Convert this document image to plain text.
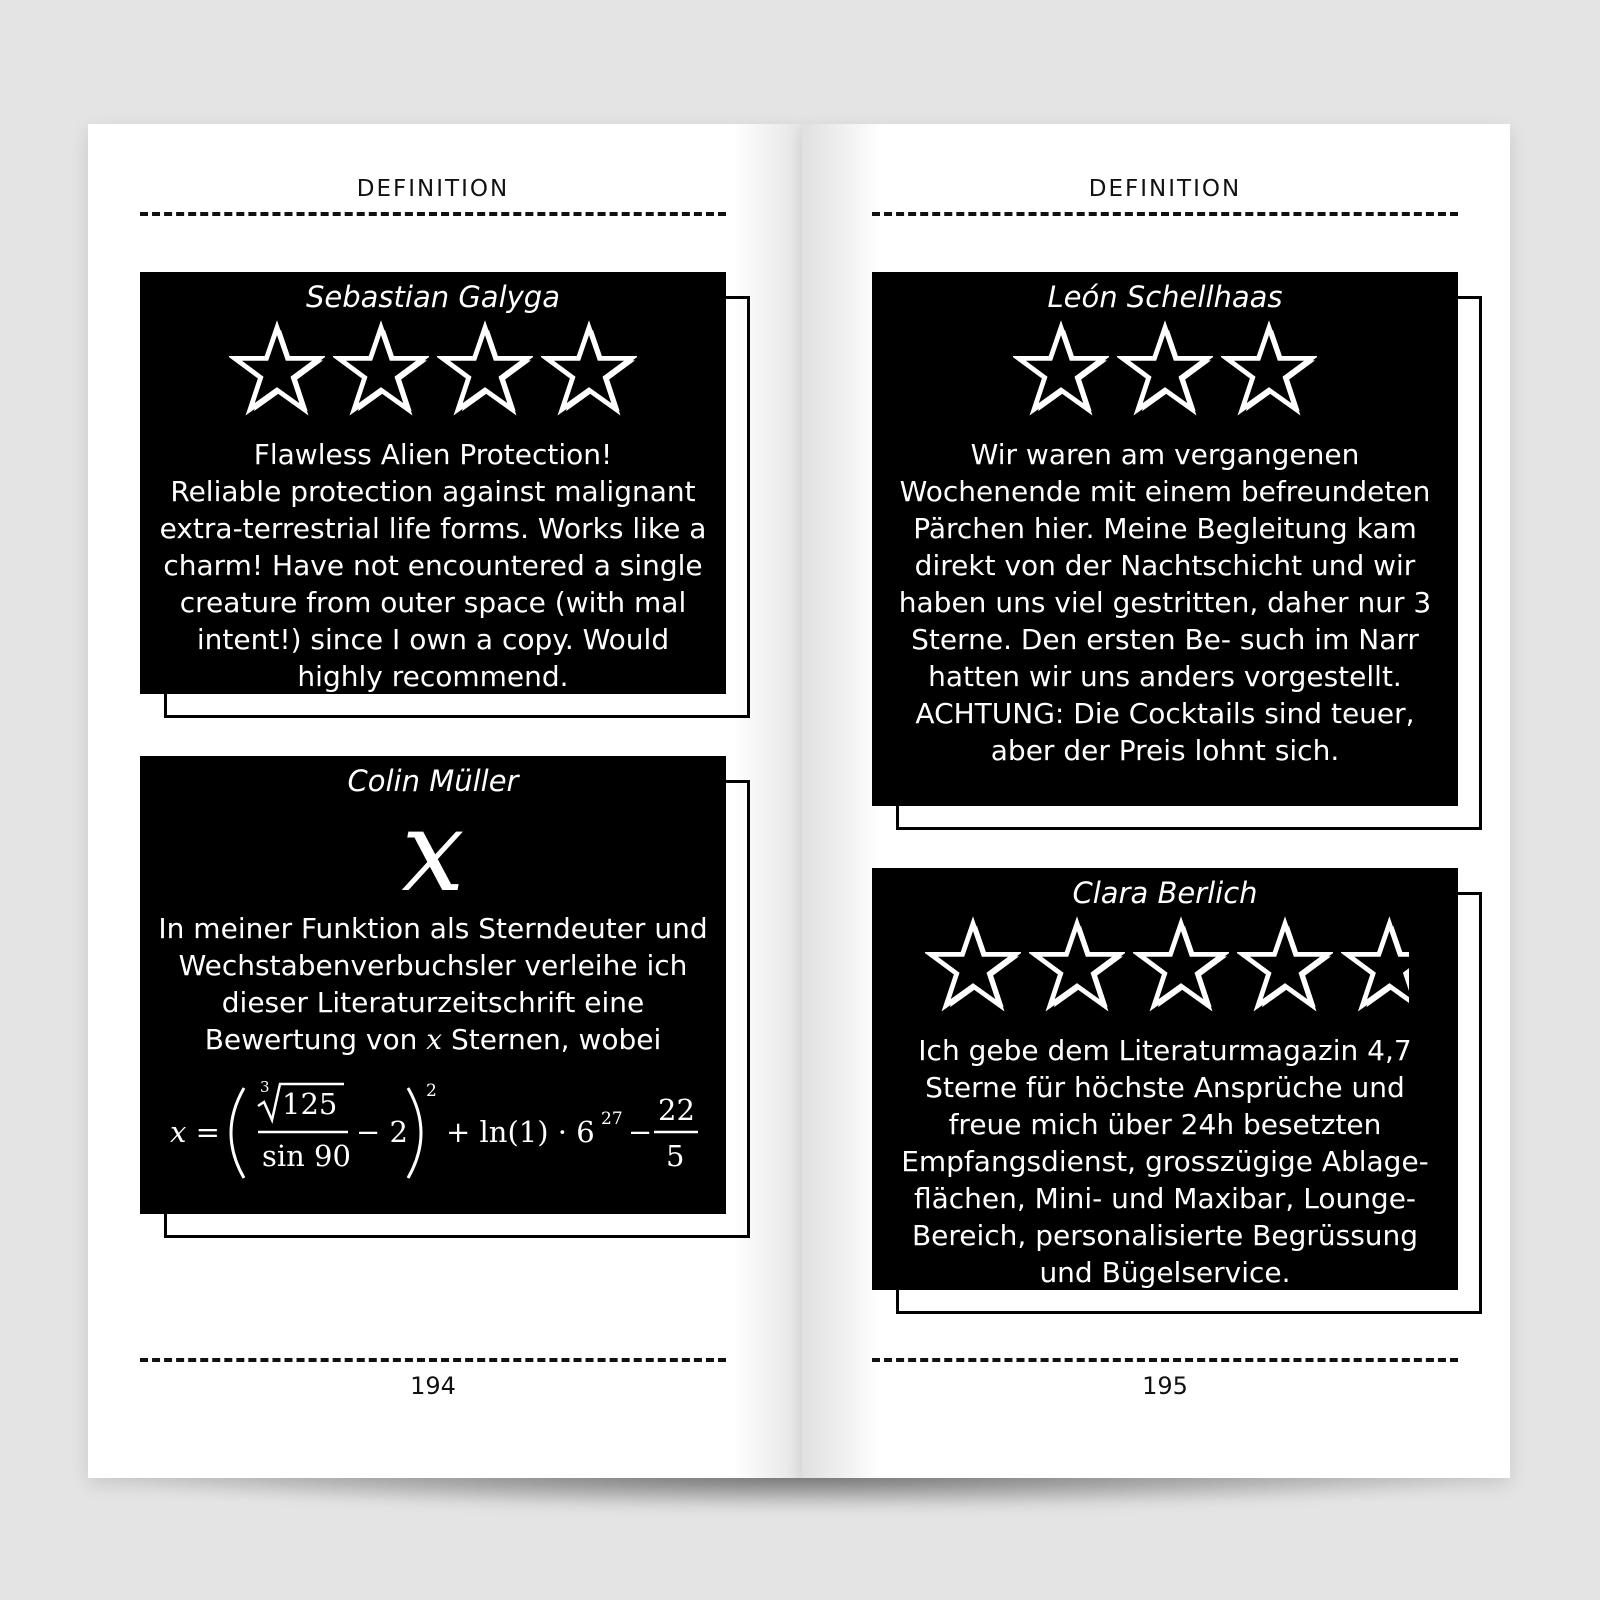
DEFINITION
Sebastian Galyga
Flawless Alien Protection!
Reliable protection against malignant extra-terrestrial life forms. Works like a charm! Have not encountered a single creature from outer space (with mal intent!) since I own a copy. Would highly recommend.
Colin Müller
x
In meiner Funktion als Sterndeuter und Wechstabenverbuchsler verleihe ich dieser Literaturzeitschrift eine Bewertung von x Sternen, wobei
x =
3 125
sin 90
− 2
2
+ ln(1) · 6 27 −
22
5
194
DEFINITION
León Schellhaas
Wir waren am vergangenen Wochenende mit einem befreundeten Pärchen hier. Meine Begleitung kam direkt von der Nachtschicht und wir haben uns viel gestritten, daher nur 3 Sterne. Den ersten Be- such im Narr hatten wir uns anders vorgestellt. ACHTUNG: Die Cocktails sind teuer, aber der Preis lohnt sich.
Clara Berlich
Ich gebe dem Literaturmagazin 4,7 Sterne für höchste Ansprüche und freue mich über 24h besetzten Empfangsdienst, grosszügige Ablage- flächen, Mini- und Maxibar, Lounge-Bereich, personalisierte Begrüssung und Bügelservice.
195
